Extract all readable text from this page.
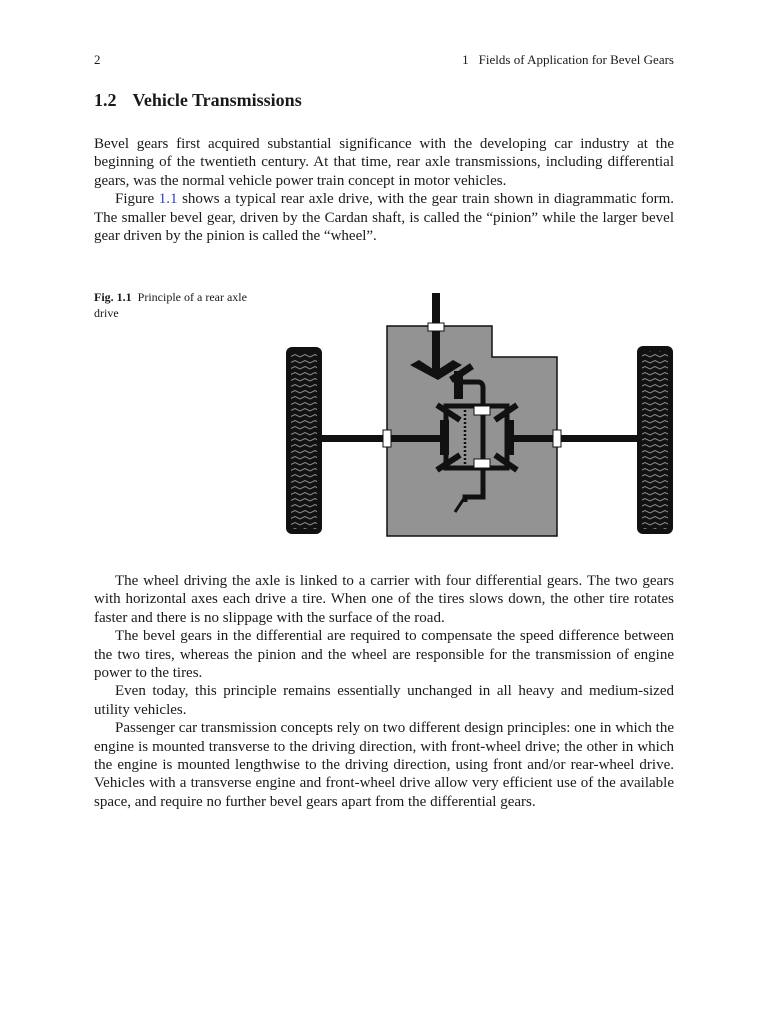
2	1 Fields of Application for Bevel Gears
1.2 Vehicle Transmissions

Bevel gears first acquired substantial significance with the developing car industry at the beginning of the twentieth century. At that time, rear axle transmissions, including differential gears, was the normal vehicle power train concept in motor vehicles.

Figure 1.1 shows a typical rear axle drive, with the gear train shown in diagrammatic form. The smaller bevel gear, driven by the Cardan shaft, is called the “pinion” while the larger bevel gear driven by the pinion is called the “wheel”.

Fig. 1.1 Principle of a rear axle drive

The wheel driving the axle is linked to a carrier with four differential gears. The two gears with horizontal axes each drive a tire. When one of the tires slows down, the other tire rotates faster and there is no slippage with the surface of the road.

The bevel gears in the differential are required to compensate the speed difference between the two tires, whereas the pinion and the wheel are responsible for the transmission of engine power to the tires.

Even today, this principle remains essentially unchanged in all heavy and medium-sized utility vehicles.

Passenger car transmission concepts rely on two different design principles: one in which the engine is mounted transverse to the driving direction, with front-wheel drive; the other in which the engine is mounted lengthwise to the driving direction, using front and/or rear-wheel drive. Vehicles with a transverse engine and front-wheel drive allow very efficient use of the available space, and require no further bevel gears apart from the differential gears.
